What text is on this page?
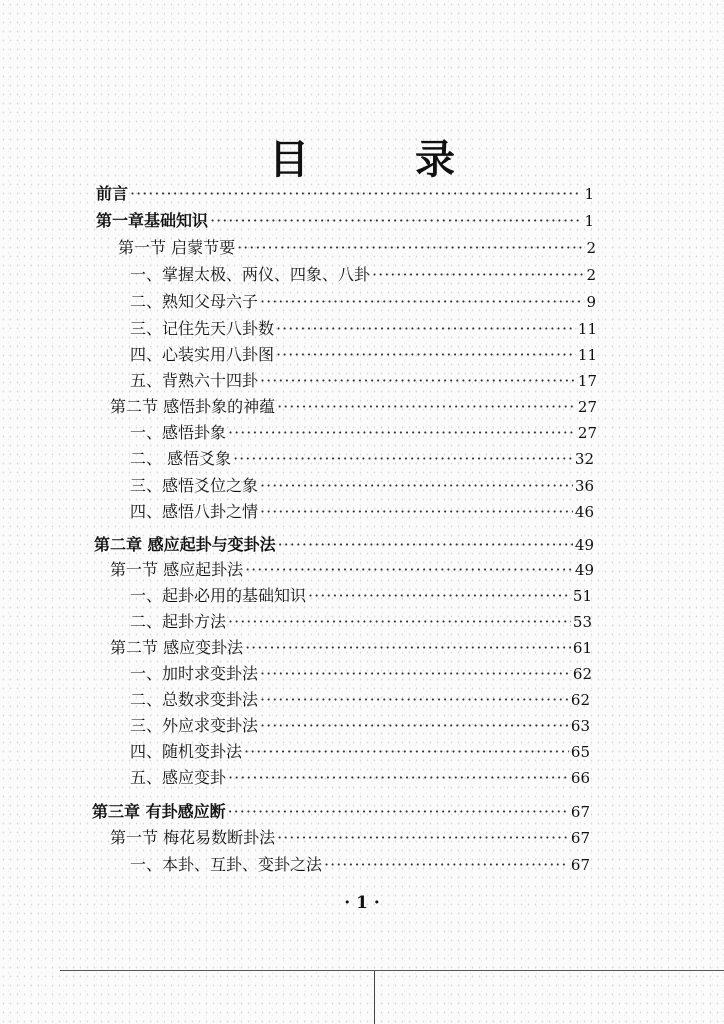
目 录
前言 ·····	1
第一章基础知识 ·····	1
第一节 启蒙节要 ·····	2
一、掌握太极、两仪、四象、八卦 ·····	2
二、熟知父母六子 ·····	9
三、记住先天八卦数 ·····	11
四、心装实用八卦图 ·····	11
五、背熟六十四卦 ·····	17
第二节 感悟卦象的神蕴 ·····	27
一、感悟卦象 ·····	27
二、 感悟爻象 ·····	32
三、感悟爻位之象 ·····	36
四、感悟八卦之情 ·····	46
第二章 感应起卦与变卦法 ·····	49
第一节 感应起卦法 ·····	49
一、起卦必用的基础知识 ·····	51
二、起卦方法 ·····	53
第二节 感应变卦法 ·····	61
一、加时求变卦法 ·····	62
二、总数求变卦法 ·····	62
三、外应求变卦法 ·····	63
四、随机变卦法 ·····	65
五、感应变卦 ·····	66
第三章 有卦感应断 ·····	67
第一节 梅花易数断卦法 ·····	67
一、本卦、互卦、变卦之法 ·····	67
· 1 ·
